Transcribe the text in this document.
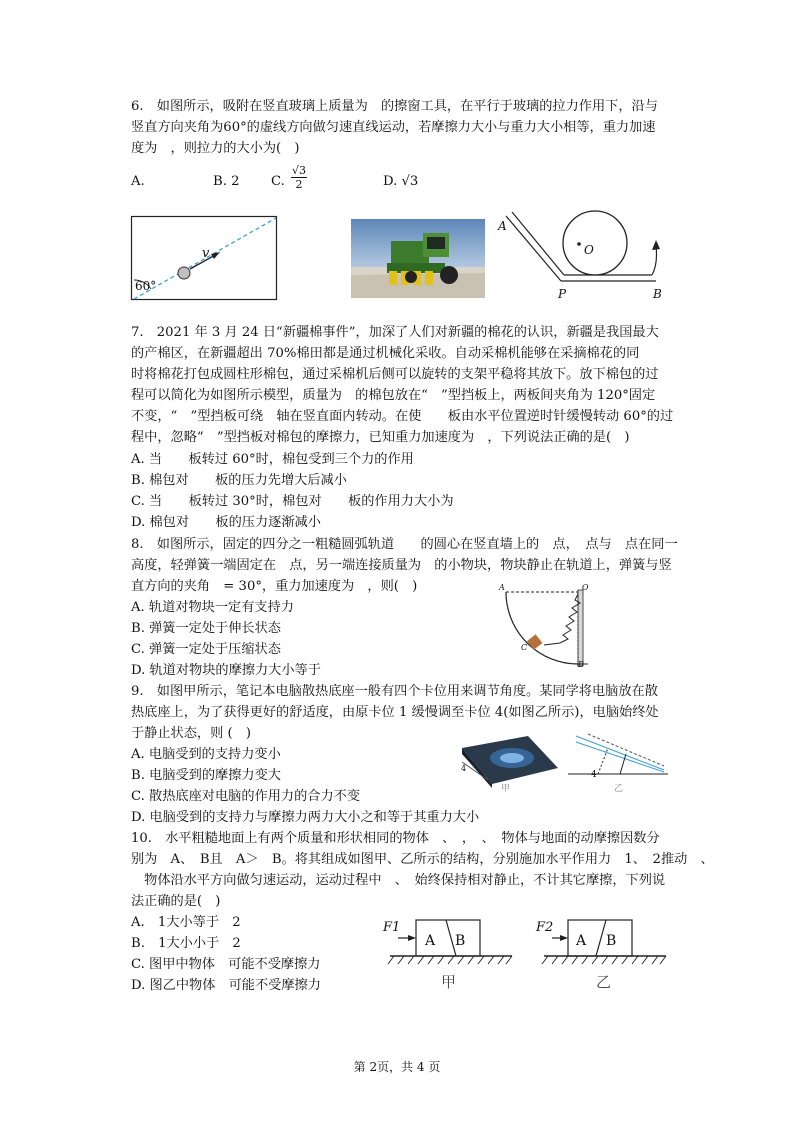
6.　如图所示，吸附在竖直玻璃上质量为　的擦窗工具，在平行于玻璃的拉力作用下，沿与
竖直方向夹角为60°的虚线方向做匀速直线运动，若摩擦力大小与重力大小相等，重力加速
度为　，则拉力的大小为(　)
A.	B. 2 C. $\frac{√3}{2}$	D. √3
v
60°
A
O
P	B
7.　2021 年 3 月 24 日“新疆棉事件”，加深了人们对新疆的棉花的认识，新疆是我国最大
的产棉区，在新疆超出 70%棉田都是通过机械化采收。自动采棉机能够在采摘棉花的同
时将棉花打包成圆柱形棉包，通过采棉机后侧可以旋转的支架平稳将其放下。放下棉包的过
程可以简化为如图所示模型，质量为　的棉包放在“　”型挡板上，两板间夹角为 120°固定
不变，“　”型挡板可绕　轴在竖直面内转动。在使　　板由水平位置逆时针缓慢转动 60°的过
程中，忽略“　”型挡板对棉包的摩擦力，已知重力加速度为　，下列说法正确的是(　)
A. 当　　板转过 60°时，棉包受到三个力的作用
B. 棉包对　　板的压力先增大后减小
C. 当　　板转过 30°时，棉包对　　板的作用力大小为
D. 棉包对　　板的压力逐渐减小
8.　如图所示，固定的四分之一粗糙圆弧轨道　　的圆心在竖直墙上的　点，　点与　点在同一
高度，轻弹簧一端固定在　点，另一端连接质量为　的小物块，物块静止在轨道上，弹簧与竖
直方向的夹角　= 30°，重力加速度为　，则(　)
A. 轨道对物块一定有支持力
B. 弹簧一定处于伸长状态
C. 弹簧一定处于压缩状态
D. 轨道对物块的摩擦力大小等于
A	O
C
B
9.　如图甲所示，笔记本电脑散热底座一般有四个卡位用来调节角度。某同学将电脑放在散
热底座上，为了获得更好的舒适度，由原卡位 1 缓慢调至卡位 4(如图乙所示)，电脑始终处
于静止状态，则 (　)
A. 电脑受到的支持力变小
B. 电脑受到的摩擦力变大
C. 散热底座对电脑的作用力的合力不变
D. 电脑受到的支持力与摩擦力两力大小之和等于其重力大小
4
甲
4
乙
10.　水平粗糙地面上有两个质量和形状相同的物体　、　，　、　物体与地面的动摩擦因数分
别为　A、　B且　A＞　B。将其组成如图甲、乙所示的结构，分别施加水平作用力　1、　2推动　、
　物体沿水平方向做匀速运动，运动过程中　、　始终保持相对静止，不计其它摩擦，下列说
法正确的是(　)
A.　1大小等于　2
B.　1大小小于　2
C. 图甲中物体　可能不受摩擦力
D. 图乙中物体　可能不受摩擦力
F1
A B
甲
F2
A B
乙
第 2页，共 4 页
